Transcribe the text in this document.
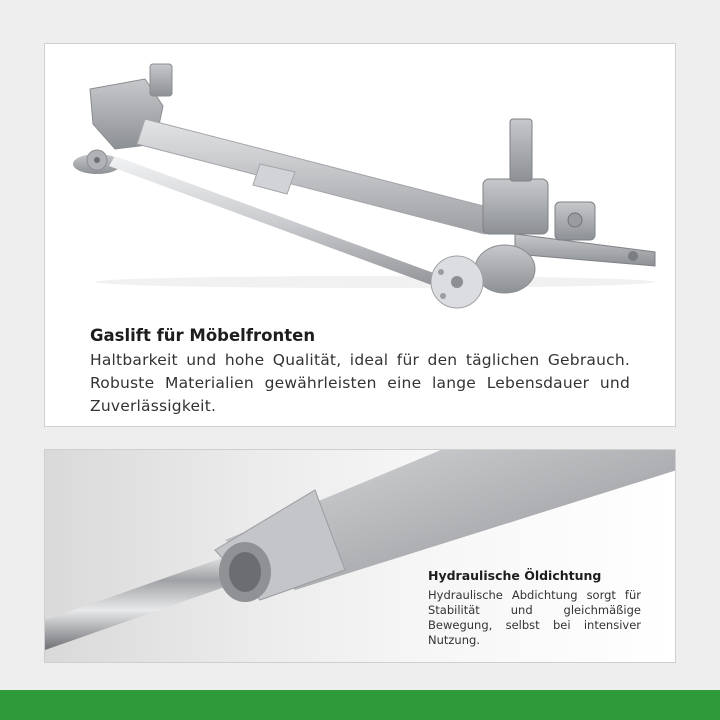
Gaslift für Möbelfronten

Haltbarkeit und hohe Qualität, ideal für den täglichen Gebrauch. Robuste Materialien gewährleisten eine lange Lebensdauer und Zuverlässigkeit.

Hydraulische Öldichtung

Hydraulische Abdichtung sorgt für Stabilität und gleichmäßige Bewegung, selbst bei intensiver Nutzung.
